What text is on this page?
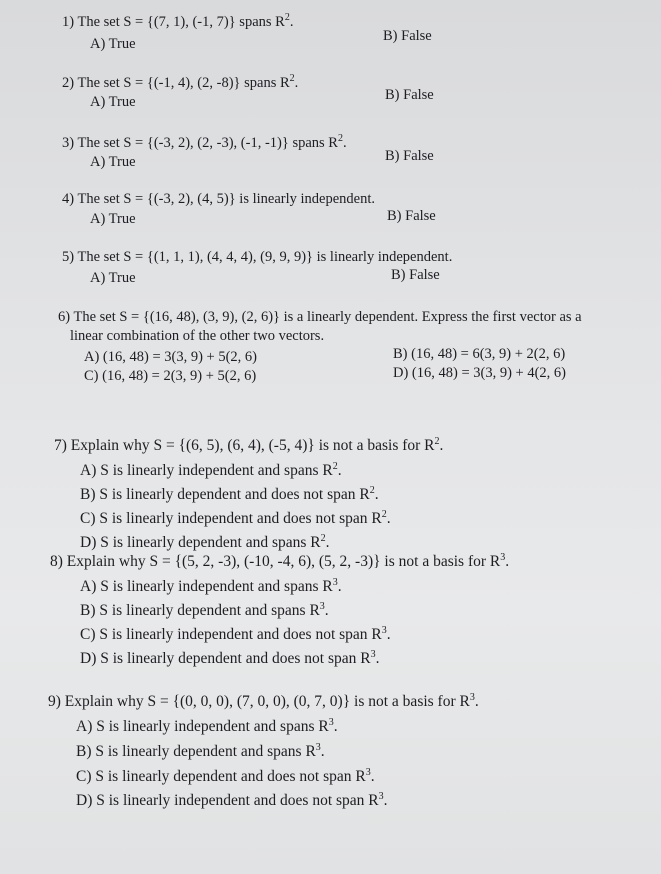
1) The set S = {(7, 1), (-1, 7)} spans $R^2$.
A) True	B) False
2) The set S = {(-1, 4), (2, -8)} spans $R^2$.
A) True	B) False
3) The set S = {(-3, 2), (2, -3), (-1, -1)} spans $R^2$.
A) True	B) False
4) The set S = {(-3, 2), (4, 5)} is linearly independent.
A) True	B) False
5) The set S = {(1, 1, 1), (4, 4, 4), (9, 9, 9)} is linearly independent.
A) True	B) False
6) The set S = {(16, 48), (3, 9), (2, 6)} is a linearly dependent. Express the first vector as a
linear combination of the other two vectors.
A) (16, 48) = 3(3, 9) + 5(2, 6)	B) (16, 48) = 6(3, 9) + 2(2, 6)
C) (16, 48) = 2(3, 9) + 5(2, 6)	D) (16, 48) = 3(3, 9) + 4(2, 6)
7) Explain why S = {(6, 5), (6, 4), (-5, 4)} is not a basis for $R^2$.
A) S is linearly independent and spans $R^2$.
B) S is linearly dependent and does not span $R^2$.
C) S is linearly independent and does not span $R^2$.
D) S is linearly dependent and spans $R^2$.
8) Explain why S = {(5, 2, -3), (-10, -4, 6), (5, 2, -3)} is not a basis for $R^3$.
A) S is linearly independent and spans $R^3$.
B) S is linearly dependent and spans $R^3$.
C) S is linearly independent and does not span $R^3$.
D) S is linearly dependent and does not span $R^3$.
9) Explain why S = {(0, 0, 0), (7, 0, 0), (0, 7, 0)} is not a basis for $R^3$.
A) S is linearly independent and spans $R^3$.
B) S is linearly dependent and spans $R^3$.
C) S is linearly dependent and does not span $R^3$.
D) S is linearly independent and does not span $R^3$.
